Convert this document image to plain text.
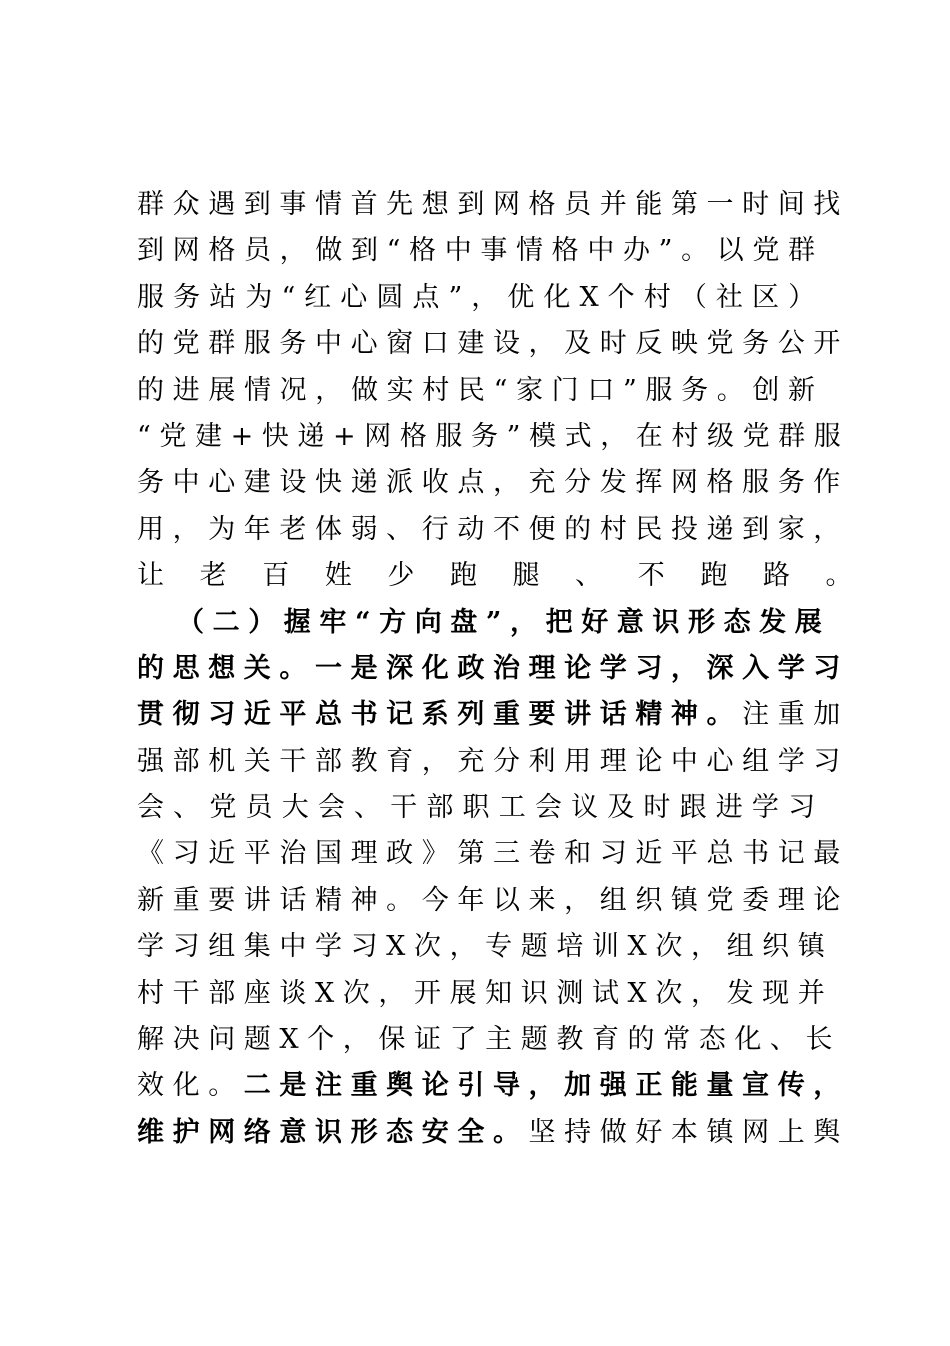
群 众 遇 到 事 情 首 先 想 到 网 格 员 并 能 第 一 时 间 找
到 网 格 员 ， 做 到 “ 格 中 事 情 格 中 办 ” 。 以 党 群
服 务 站 为 “ 红 心 圆 点 ” ， 优 化 X 个 村 （ 社 区 ）
的 党 群 服 务 中 心 窗 口 建 设 ， 及 时 反 映 党 务 公 开
的 进 展 情 况 ， 做 实 村 民 “ 家 门 口 ” 服 务 。 创 新
“ 党 建 + 快 递 + 网 格 服 务 ” 模 式 ， 在 村 级 党 群 服
务 中 心 建 设 快 递 派 收 点 ， 充 分 发 挥 网 格 服 务 作
用 ， 为 年 老 体 弱 、 行 动 不 便 的 村 民 投 递 到 家 ，
让 老 百 姓 少 跑 腿 、 不 跑 路 。
（ 二 ） 握 牢 “ 方 向 盘 ” ， 把 好 意 识 形 态 发 展
的 思 想 关 。 一 是 深 化 政 治 理 论 学 习 ， 深 入 学 习
贯 彻 习 近 平 总 书 记 系 列 重 要 讲 话 精 神 。 注 重 加
强 部 机 关 干 部 教 育 ， 充 分 利 用 理 论 中 心 组 学 习
会 、 党 员 大 会 、 干 部 职 工 会 议 及 时 跟 进 学 习
《 习 近 平 治 国 理 政 》 第 三 卷 和 习 近 平 总 书 记 最
新 重 要 讲 话 精 神 。 今 年 以 来 ， 组 织 镇 党 委 理 论
学 习 组 集 中 学 习 X 次 ， 专 题 培 训 X 次 ， 组 织 镇
村 干 部 座 谈 X 次 ， 开 展 知 识 测 试 X 次 ， 发 现 并
解 决 问 题 X 个 ， 保 证 了 主 题 教 育 的 常 态 化 、 长
效 化 。 二 是 注 重 舆 论 引 导 ， 加 强 正 能 量 宣 传 ，
维 护 网 络 意 识 形 态 安 全 。 坚 持 做 好 本 镇 网 上 舆
